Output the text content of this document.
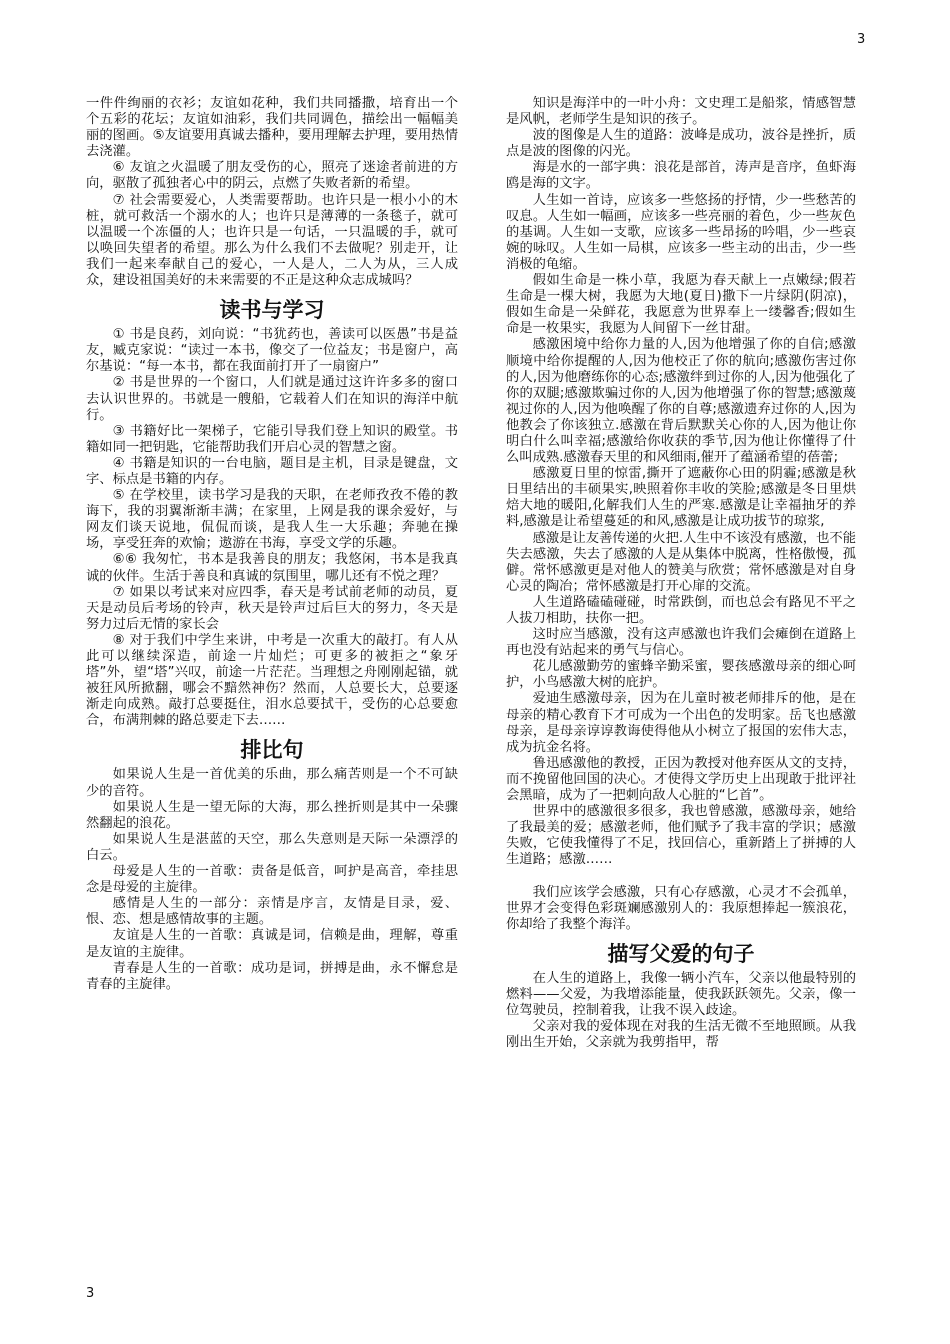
3

一件件绚丽的衣衫；友谊如花种，我们共同播撒，培育出一个个五彩的花坛；友谊如油彩，我们共同调色，描绘出一幅幅美丽的图画。⑤友谊要用真诚去播种，要用理解去护理，要用热情去浇灌。

⑥ 友谊之火温暖了朋友受伤的心，照亮了迷途者前进的方向，驱散了孤独者心中的阴云，点燃了失败者新的希望。

⑦ 社会需要爱心，人类需要帮助。也许只是一根小小的木桩，就可救活一个溺水的人；也许只是薄薄的一条毯子，就可以温暖一个冻僵的人；也许只是一句话，一只温暖的手，就可以唤回失望者的希望。那么为什么我们不去做呢？别走开，让我们一起来奉献自己的爱心，一人是人，二人为从，三人成众，建设祖国美好的未来需要的不正是这种众志成城吗？

读书与学习

① 书是良药，刘向说：“书犹药也，善读可以医愚”书是益友，臧克家说：“读过一本书，像交了一位益友；书是窗户，高尔基说：“每一本书，都在我面前打开了一扇窗户”

② 书是世界的一个窗口，人们就是通过这许许多多的窗口去认识世界的。书就是一艘船，它载着人们在知识的海洋中航行。

③ 书籍好比一架梯子，它能引导我们登上知识的殿堂。书籍如同一把钥匙，它能帮助我们开启心灵的智慧之窗。

④ 书籍是知识的一台电脑，题目是主机，目录是键盘，文字、标点是书籍的内存。

⑤ 在学校里，读书学习是我的天职，在老师孜孜不倦的教诲下，我的羽翼渐渐丰满；在家里，上网是我的课余爱好，与网友们谈天说地，侃侃而谈，是我人生一大乐趣；奔驰在操场，享受狂奔的欢愉；遨游在书海，享受文学的乐趣。

⑥⑥ 我匆忙，书本是我善良的朋友；我悠闲，书本是我真诚的伙伴。生活于善良和真诚的氛围里，哪儿还有不悦之理？

⑦ 如果以考试来对应四季，春天是考试前老师的动员，夏天是动员后考场的铃声，秋天是铃声过后巨大的努力，冬天是努力过后无情的家长会

⑧ 对于我们中学生来讲，中考是一次重大的敲打。有人从此可以继续深造，前途一片灿烂；可更多的被拒之“象牙塔”外，望“塔”兴叹，前途一片茫茫。当理想之舟刚刚起锚，就被狂风所掀翻，哪会不黯然神伤？然而，人总要长大，总要逐渐走向成熟。敲打总要挺住，泪水总要拭干，受伤的心总要愈合，布满荆棘的路总要走下去……

排比句

如果说人生是一首优美的乐曲，那么痛苦则是一个不可缺少的音符。

如果说人生是一望无际的大海，那么挫折则是其中一朵骤然翻起的浪花。

如果说人生是湛蓝的天空，那么失意则是天际一朵漂浮的白云。

母爱是人生的一首歌：责备是低音，呵护是高音，牵挂思念是母爱的主旋律。

感情是人生的一部分：亲情是序言，友情是目录，爱、恨、恋、想是感情故事的主题。

友谊是人生的一首歌：真诚是词，信赖是曲，理解，尊重是友谊的主旋律。

青春是人生的一首歌：成功是词，拼搏是曲，永不懈怠是青春的主旋律。

知识是海洋中的一叶小舟：文史理工是船浆，情感智慧是风帆，老师学生是知识的孩子。

波的图像是人生的道路：波峰是成功，波谷是挫折，质点是波的图像的闪光。

海是水的一部字典：浪花是部首，涛声是音序，鱼虾海鸥是海的文字。

人生如一首诗，应该多一些悠扬的抒情，少一些愁苦的叹息。人生如一幅画，应该多一些亮丽的着色，少一些灰色的基调。人生如一支歌，应该多一些昂扬的吟唱，少一些哀婉的咏叹。人生如一局棋，应该多一些主动的出击，少一些消极的龟缩。

假如生命是一株小草，我愿为春天献上一点嫩绿;假若生命是一棵大树，我愿为大地(夏日)撒下一片绿阴(阴凉)，假如生命是一朵鲜花，我愿意为世界奉上一缕馨香;假如生命是一枚果实，我愿为人间留下一丝甘甜。

感激困境中给你力量的人,因为他增强了你的自信;感激顺境中给你提醒的人,因为他校正了你的航向;感激伤害过你的人,因为他磨练你的心态;感激绊到过你的人,因为他强化了你的双腿;感激欺骗过你的人,因为他增强了你的智慧;感激蔑视过你的人,因为他唤醒了你的自尊;感激遗弃过你的人,因为他教会了你该独立.感激在背后默默关心你的人,因为他让你明白什么叫幸福;感激给你收获的季节,因为他让你懂得了什么叫成熟.感激春天里的和风细雨,催开了蕴涵希望的蓓蕾;

感激夏日里的惊雷,撕开了遮蔽你心田的阴霾;感激是秋日里结出的丰硕果实,映照着你丰收的笑脸;感激是冬日里烘焙大地的暖阳,化解我们人生的严寒.感激是让幸福抽牙的养料,感激是让希望蔓延的和风,感激是让成功拔节的琼浆,

感激是让友善传递的火把.人生中不该没有感激，也不能失去感激，失去了感激的人是从集体中脱离，性格傲慢，孤僻。常怀感激更是对他人的赞美与欣赏；常怀感激是对自身心灵的陶冶；常怀感激是打开心扉的交流。

人生道路磕磕碰碰，时常跌倒，而也总会有路见不平之人拔刀相助，扶你一把。

这时应当感激，没有这声感激也许我们会瘫倒在道路上再也没有站起来的勇气与信心。

花儿感激勤劳的蜜蜂辛勤采蜜，婴孩感激母亲的细心呵护，小鸟感激大树的庇护。

爱迪生感激母亲，因为在儿童时被老师排斥的他，是在母亲的精心教育下才可成为一个出色的发明家。岳飞也感激母亲，是母亲谆谆教诲使得他从小树立了报国的宏伟大志，成为抗金名将。

鲁迅感激他的教授，正因为教授对他弃医从文的支持，而不挽留他回国的决心。才使得文学历史上出现敢于批评社会黑暗，成为了一把刺向敌人心脏的“匕首”。

世界中的感激很多很多，我也曾感激，感激母亲，她给了我最美的爱；感激老师，他们赋予了我丰富的学识；感激失败，它使我懂得了不足，找回信心，重新踏上了拼搏的人生道路；感激……

我们应该学会感激，只有心存感激，心灵才不会孤单，世界才会变得色彩斑斓感激别人的：我原想捧起一簇浪花，你却给了我整个海洋。

描写父爱的句子

在人生的道路上，我像一辆小汽车，父亲以他最特别的燃料——父爱，为我增添能量，使我跃跃领先。父亲，像一位驾驶员，控制着我，让我不误入歧途。

父亲对我的爱体现在对我的生活无微不至地照顾。从我刚出生开始，父亲就为我剪指甲，帮

3
